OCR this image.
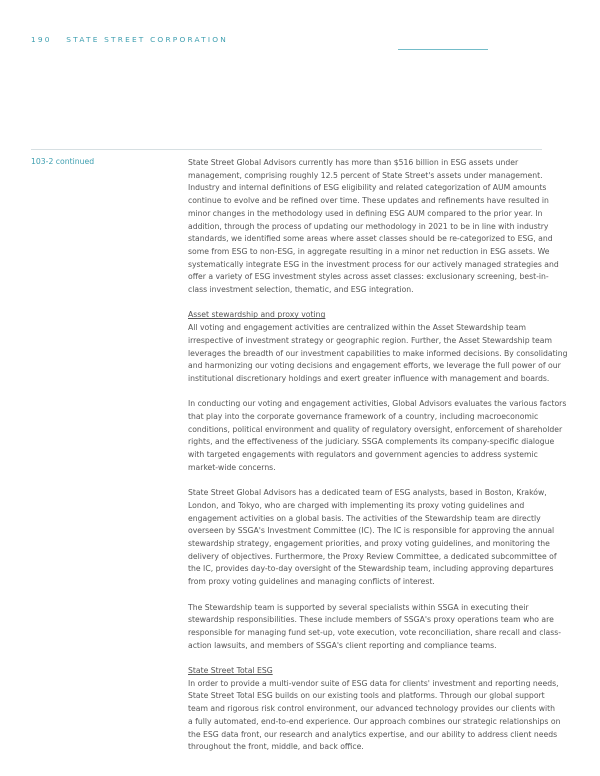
190 STATE STREET CORPORATION
103-2 continued	State Street Global Advisors currently has more than $516 billion in ESG assets under
management, comprising roughly 12.5 percent of State Street's assets under management.
Industry and internal definitions of ESG eligibility and related categorization of AUM amounts
continue to evolve and be refined over time. These updates and refinements have resulted in
minor changes in the methodology used in defining ESG AUM compared to the prior year. In
addition, through the process of updating our methodology in 2021 to be in line with industry
standards, we identified some areas where asset classes should be re-categorized to ESG, and
some from ESG to non-ESG, in aggregate resulting in a minor net reduction in ESG assets. We
systematically integrate ESG in the investment process for our actively managed strategies and
offer a variety of ESG investment styles across asset classes: exclusionary screening, best-in-
class investment selection, thematic, and ESG integration.
Asset stewardship and proxy voting
All voting and engagement activities are centralized within the Asset Stewardship team
irrespective of investment strategy or geographic region. Further, the Asset Stewardship team
leverages the breadth of our investment capabilities to make informed decisions. By consolidating
and harmonizing our voting decisions and engagement efforts, we leverage the full power of our
institutional discretionary holdings and exert greater influence with management and boards.
In conducting our voting and engagement activities, Global Advisors evaluates the various factors
that play into the corporate governance framework of a country, including macroeconomic
conditions, political environment and quality of regulatory oversight, enforcement of shareholder
rights, and the effectiveness of the judiciary. SSGA complements its company-specific dialogue
with targeted engagements with regulators and government agencies to address systemic
market-wide concerns.
State Street Global Advisors has a dedicated team of ESG analysts, based in Boston, Kraków,
London, and Tokyo, who are charged with implementing its proxy voting guidelines and
engagement activities on a global basis. The activities of the Stewardship team are directly
overseen by SSGA's Investment Committee (IC). The IC is responsible for approving the annual
stewardship strategy, engagement priorities, and proxy voting guidelines, and monitoring the
delivery of objectives. Furthermore, the Proxy Review Committee, a dedicated subcommittee of
the IC, provides day-to-day oversight of the Stewardship team, including approving departures
from proxy voting guidelines and managing conflicts of interest.
The Stewardship team is supported by several specialists within SSGA in executing their
stewardship responsibilities. These include members of SSGA's proxy operations team who are
responsible for managing fund set-up, vote execution, vote reconciliation, share recall and class-
action lawsuits, and members of SSGA's client reporting and compliance teams.
State Street Total ESG
In order to provide a multi-vendor suite of ESG data for clients' investment and reporting needs,
State Street Total ESG builds on our existing tools and platforms. Through our global support
team and rigorous risk control environment, our advanced technology provides our clients with
a fully automated, end-to-end experience. Our approach combines our strategic relationships on
the ESG data front, our research and analytics expertise, and our ability to address client needs
throughout the front, middle, and back office.
